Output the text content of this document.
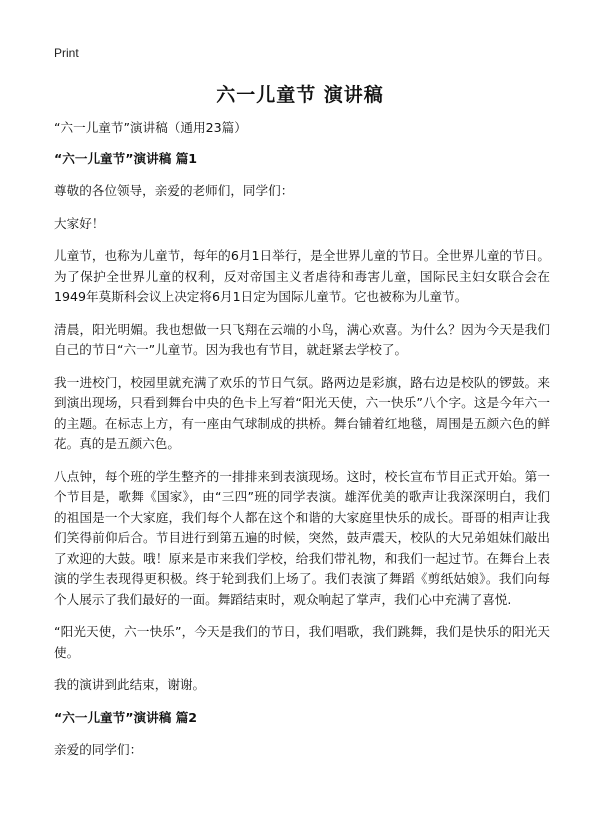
Print
六一儿童节 演讲稿
“六一儿童节”演讲稿（通用23篇）
“六一儿童节”演讲稿 篇1
尊敬的各位领导，亲爱的老师们，同学们：
大家好！
儿童节，也称为儿童节，每年的6月1日举行，是全世界儿童的节日。全世界儿童的节日。为了保护全世界儿童的权利，反对帝国主义者虐待和毒害儿童，国际民主妇女联合会在1949年莫斯科会议上决定将6月1日定为国际儿童节。它也被称为儿童节。
清晨，阳光明媚。我也想做一只飞翔在云端的小鸟，满心欢喜。为什么？因为今天是我们自己的节日“六一”儿童节。因为我也有节目，就赶紧去学校了。
我一进校门，校园里就充满了欢乐的节日气氛。路两边是彩旗，路右边是校队的锣鼓。来到演出现场，只看到舞台中央的色卡上写着“阳光天使，六一快乐”八个字。这是今年六一的主题。在标志上方，有一座由气球制成的拱桥。舞台铺着红地毯，周围是五颜六色的鲜花。真的是五颜六色。
八点钟，每个班的学生整齐的一排排来到表演现场。这时，校长宣布节目正式开始。第一个节目是，歌舞《国家》，由“三四”班的同学表演。雄浑优美的歌声让我深深明白，我们的祖国是一个大家庭，我们每个人都在这个和谐的大家庭里快乐的成长。哥哥的相声让我们笑得前仰后合。节目进行到第五遍的时候，突然，鼓声震天，校队的大兄弟姐妹们敲出了欢迎的大鼓。哦！原来是市来我们学校，给我们带礼物，和我们一起过节。在舞台上表演的学生表现得更积极。终于轮到我们上场了。我们表演了舞蹈《剪纸姑娘》。我们向每个人展示了我们最好的一面。舞蹈结束时，观众响起了掌声，我们心中充满了喜悦.
“阳光天使，六一快乐”，今天是我们的节日，我们唱歌，我们跳舞，我们是快乐的阳光天使。
我的演讲到此结束，谢谢。
“六一儿童节”演讲稿 篇2
亲爱的同学们：
